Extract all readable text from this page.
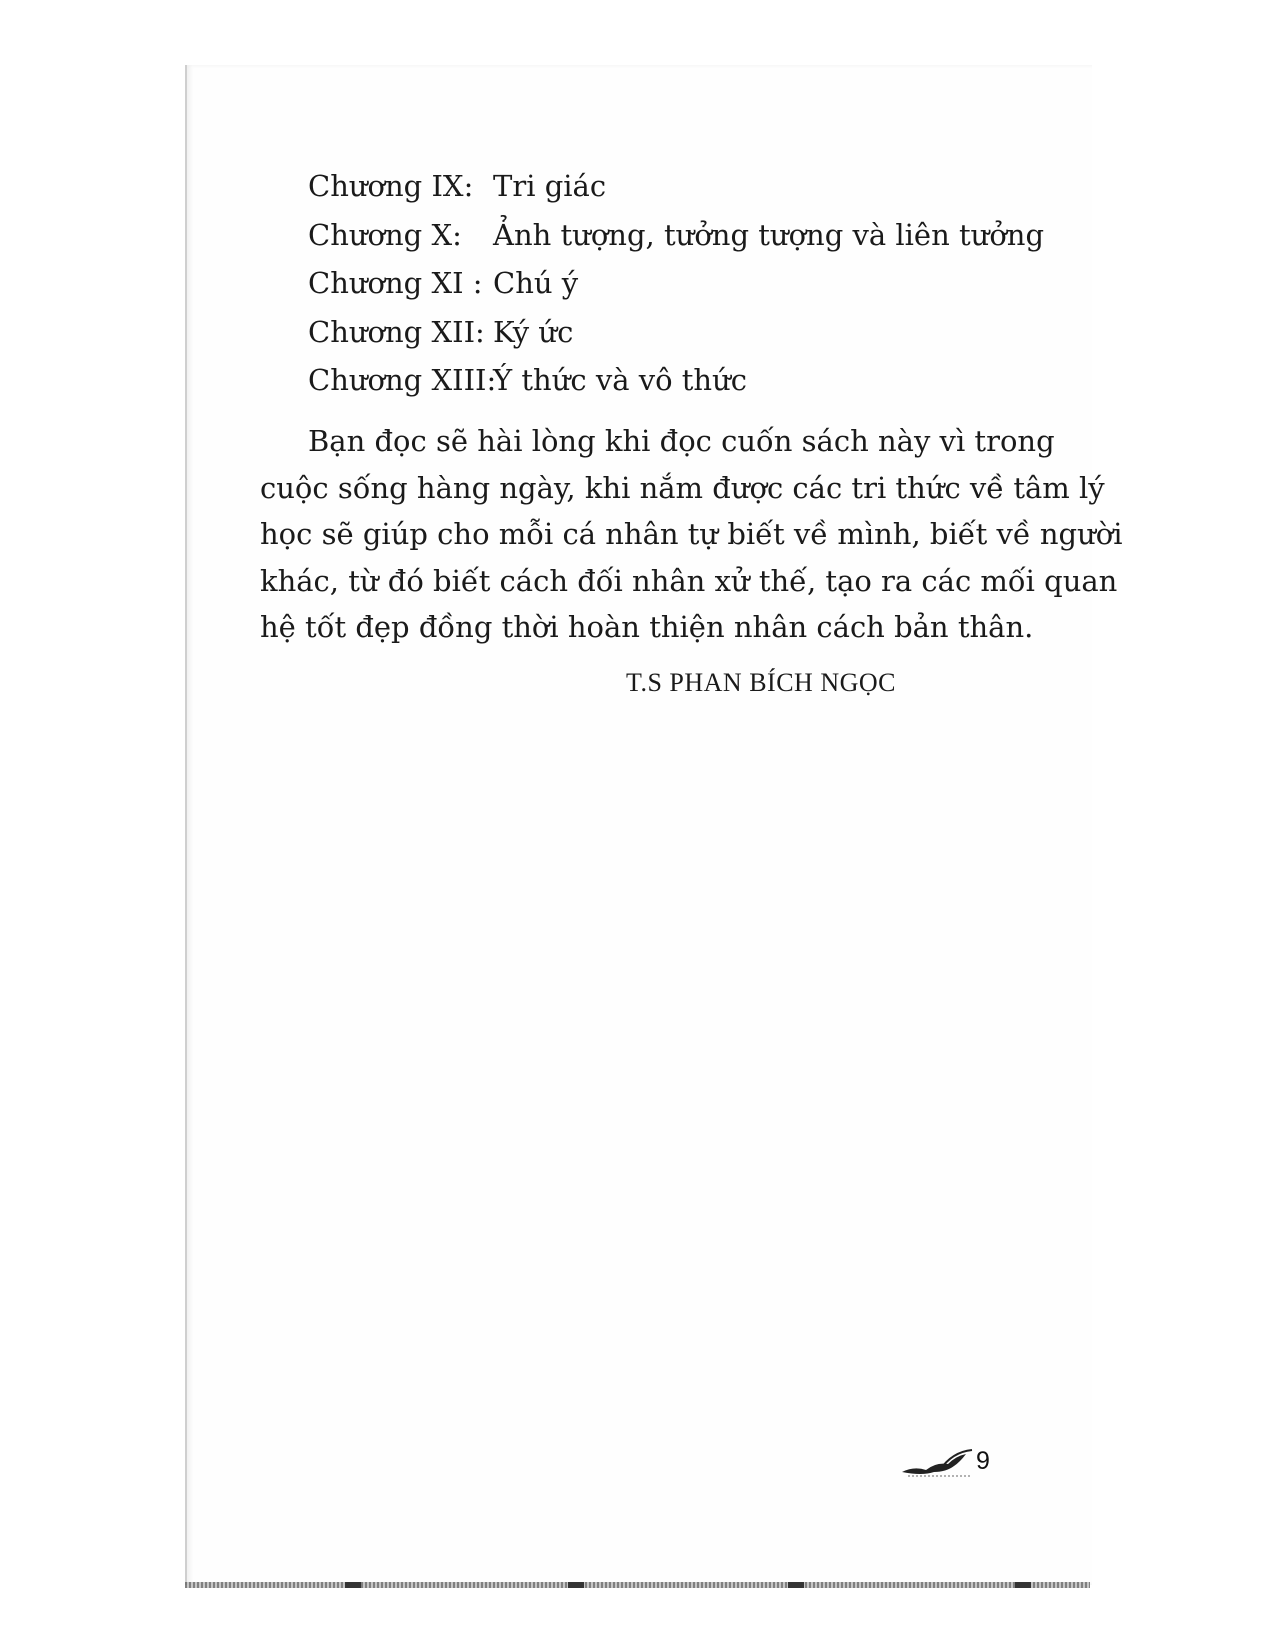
Chương IX: Tri giác
Chương X: Ảnh tượng, tưởng tượng và liên tưởng
Chương XI : Chú ý
Chương XII: Ký ức
Chương XIII:Ý thức và vô thức
Bạn đọc sẽ hài lòng khi đọc cuốn sách này vì trong
cuộc sống hàng ngày, khi nắm được các tri thức về tâm lý
học sẽ giúp cho mỗi cá nhân tự biết về mình, biết về người
khác, từ đó biết cách đối nhân xử thế, tạo ra các mối quan
hệ tốt đẹp đồng thời hoàn thiện nhân cách bản thân.
T.S PHAN BÍCH NGỌC
9
